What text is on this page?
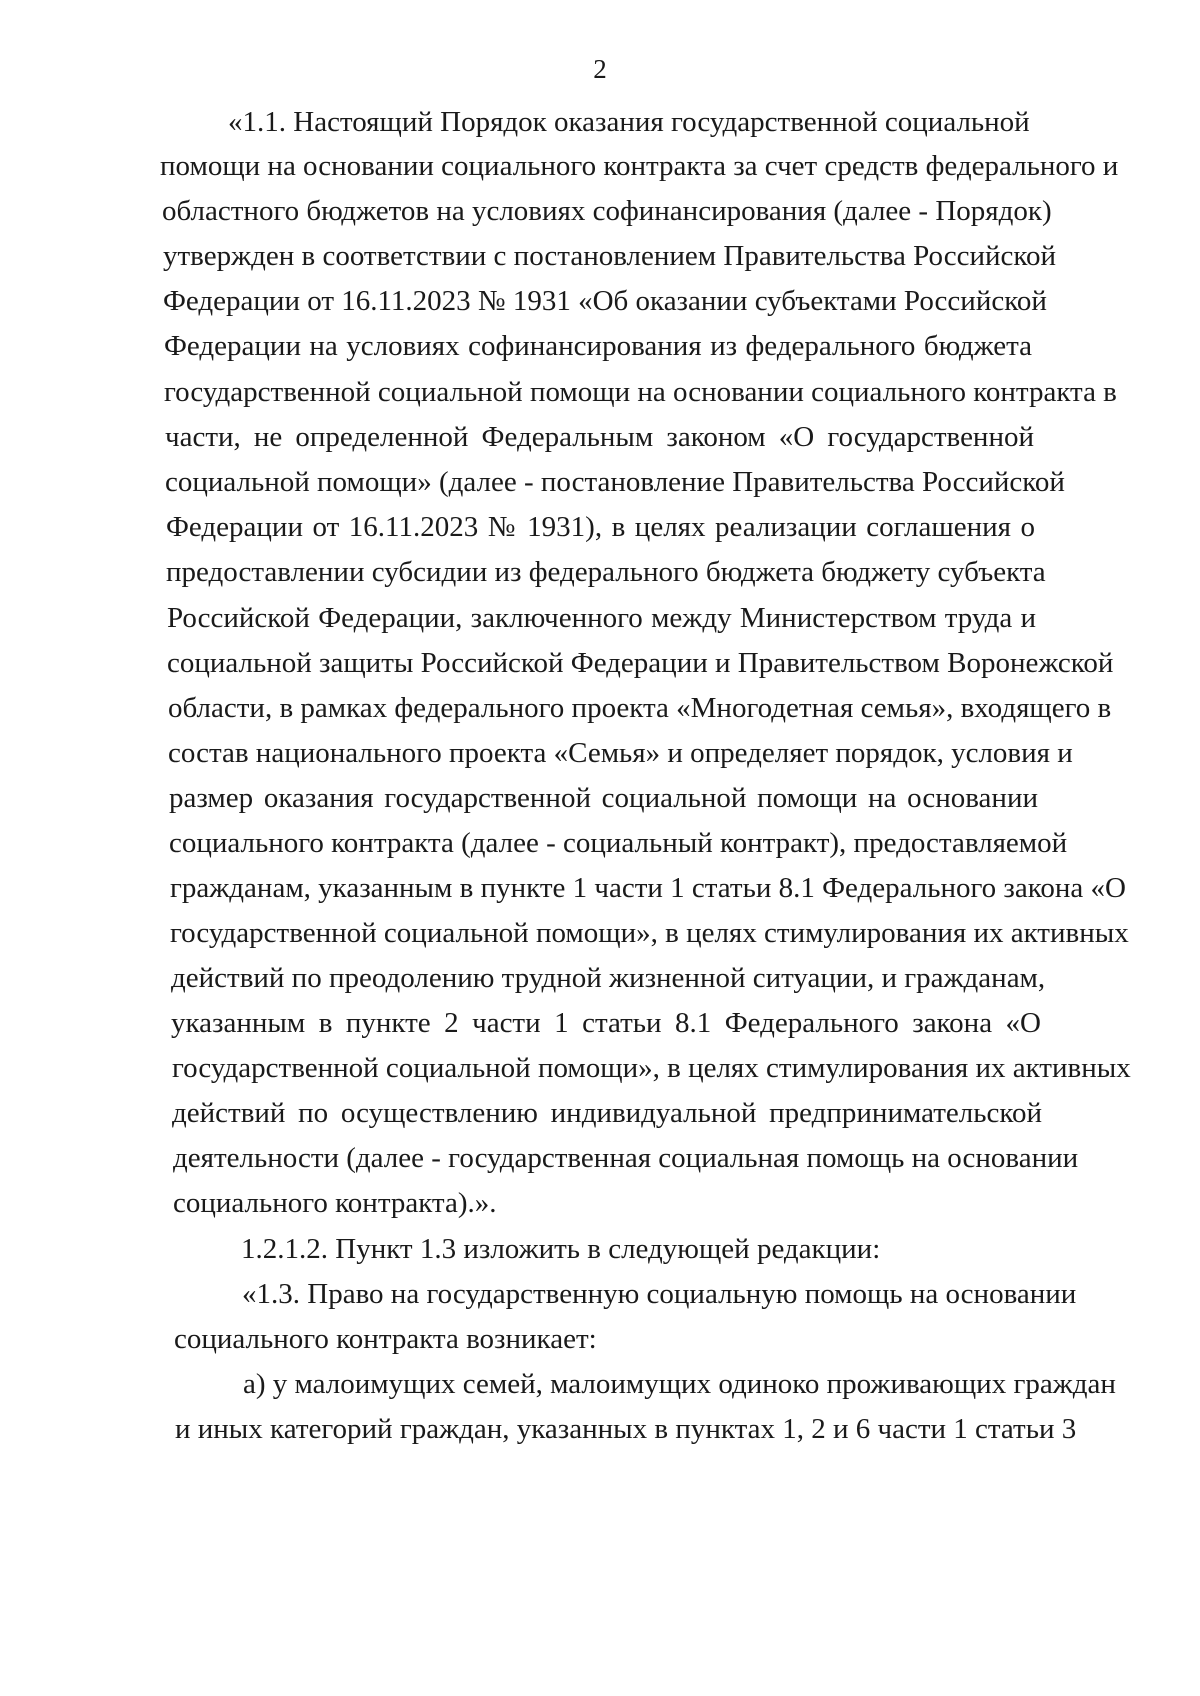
2
«1.1. Настоящий Порядок оказания государственной социальной
помощи на основании социального контракта за счет средств федерального и
областного бюджетов на условиях софинансирования (далее - Порядок)
утвержден в соответствии с постановлением Правительства Российской
Федерации от 16.11.2023 № 1931 «Об оказании субъектами Российской
Федерации на условиях софинансирования из федерального бюджета
государственной социальной помощи на основании социального контракта в
части, не определенной Федеральным законом «О государственной
социальной помощи» (далее - постановление Правительства Российской
Федерации от 16.11.2023 № 1931), в целях реализации соглашения о
предоставлении субсидии из федерального бюджета бюджету субъекта
Российской Федерации, заключенного между Министерством труда и
социальной защиты Российской Федерации и Правительством Воронежской
области, в рамках федерального проекта «Многодетная семья», входящего в
состав национального проекта «Семья» и определяет порядок, условия и
размер оказания государственной социальной помощи на основании
социального контракта (далее - социальный контракт), предоставляемой
гражданам, указанным в пункте 1 части 1 статьи 8.1 Федерального закона «О
государственной социальной помощи», в целях стимулирования их активных
действий по преодолению трудной жизненной ситуации, и гражданам,
указанным в пункте 2 части 1 статьи 8.1 Федерального закона «О
государственной социальной помощи», в целях стимулирования их активных
действий по осуществлению индивидуальной предпринимательской
деятельности (далее - государственная социальная помощь на основании
социального контракта).».
1.2.1.2. Пункт 1.3 изложить в следующей редакции:
«1.3. Право на государственную социальную помощь на основании
социального контракта возникает:
а) у малоимущих семей, малоимущих одиноко проживающих граждан
и иных категорий граждан, указанных в пунктах 1, 2 и 6 части 1 статьи 3
